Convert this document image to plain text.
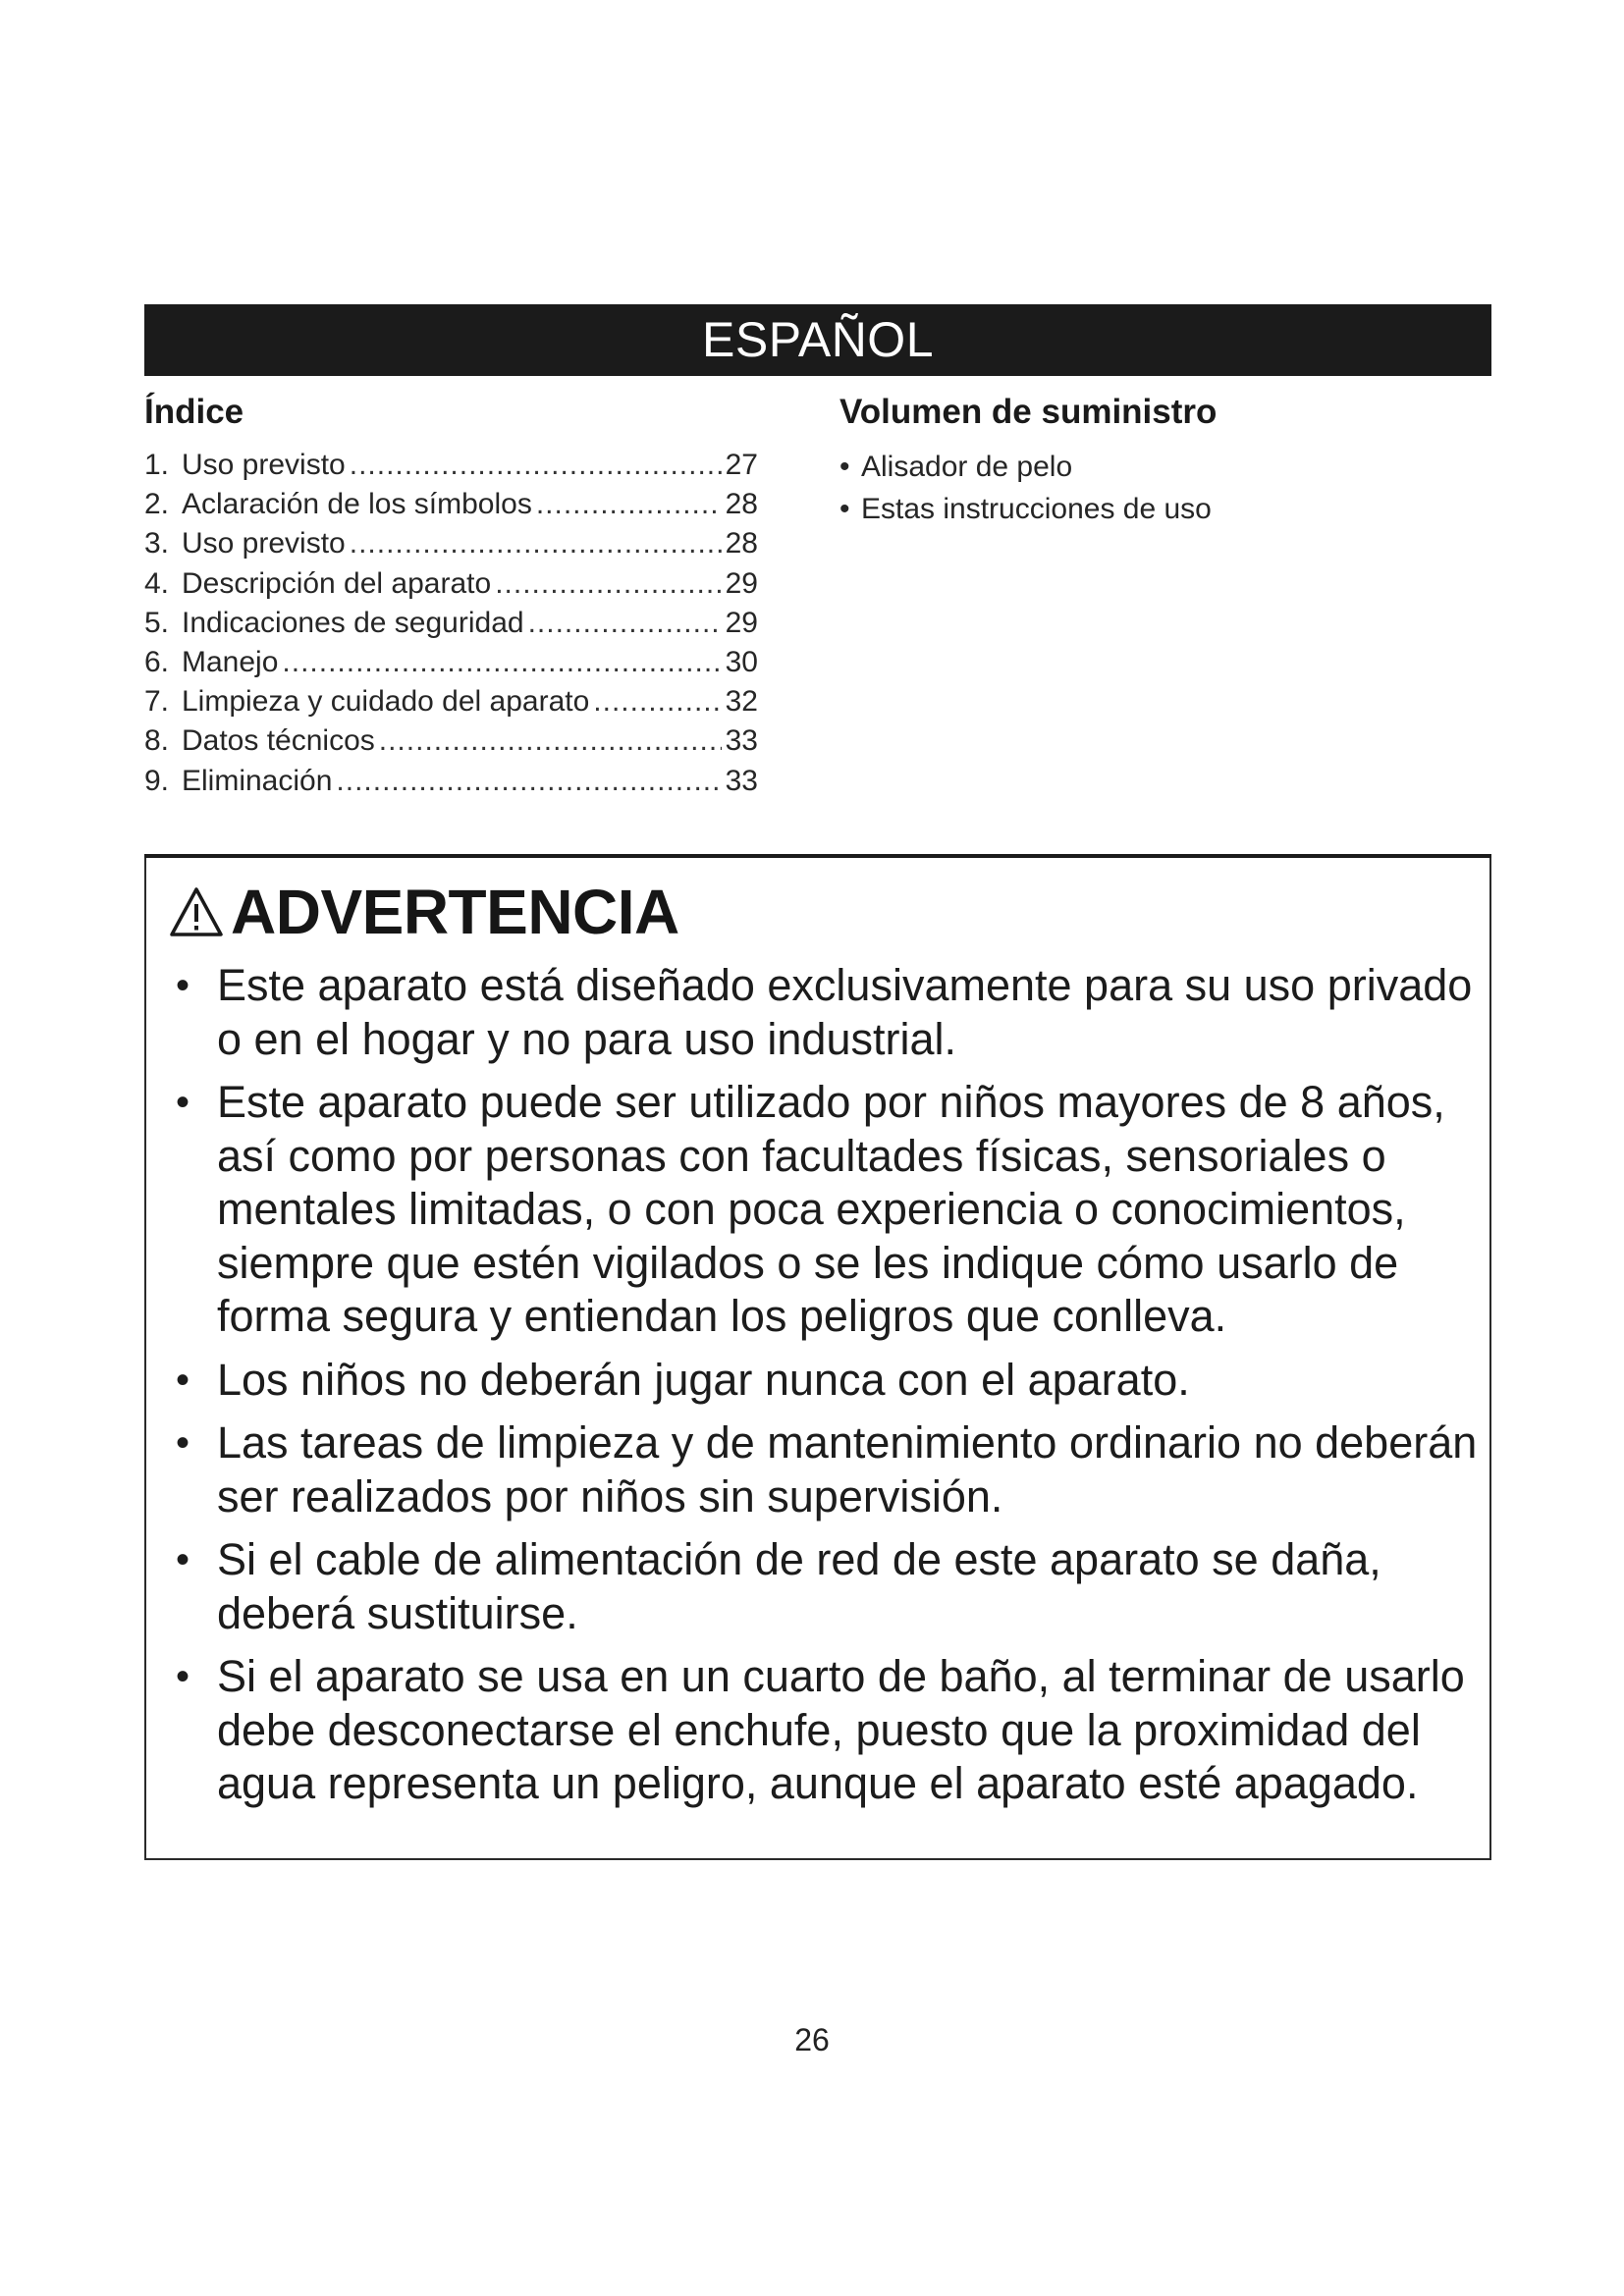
ESPAÑOL
Índice
1. Uso previsto .....	27
2. Aclaración de los símbolos .....	28
3. Uso previsto .....	28
4. Descripción del aparato .....	29
5. Indicaciones de seguridad .....	29
6. Manejo .....	30
7. Limpieza y cuidado del aparato .....	32
8. Datos técnicos .....	33
9. Eliminación .....	33
Volumen de suministro
• Alisador de pelo
• Estas instrucciones de uso
ADVERTENCIA
• Este aparato está diseñado exclusivamente para su uso privado o en el hogar y no para uso industrial.
• Este aparato puede ser utilizado por niños mayores de 8 años, así como por personas con facultades físicas, sensoriales o mentales limitadas, o con poca experiencia o conocimientos, siempre que estén vigilados o se les indique cómo usarlo de forma segura y entiendan los peligros que conlleva.
• Los niños no deberán jugar nunca con el aparato.
• Las tareas de limpieza y de mantenimiento ordinario no deberán ser realizados por niños sin supervisión.
• Si el cable de alimentación de red de este aparato se daña, deberá sustituirse.
• Si el aparato se usa en un cuarto de baño, al terminar de usarlo debe desconectarse el enchufe, puesto que la proximidad del agua representa un peligro, aunque el aparato esté apagado.
26
